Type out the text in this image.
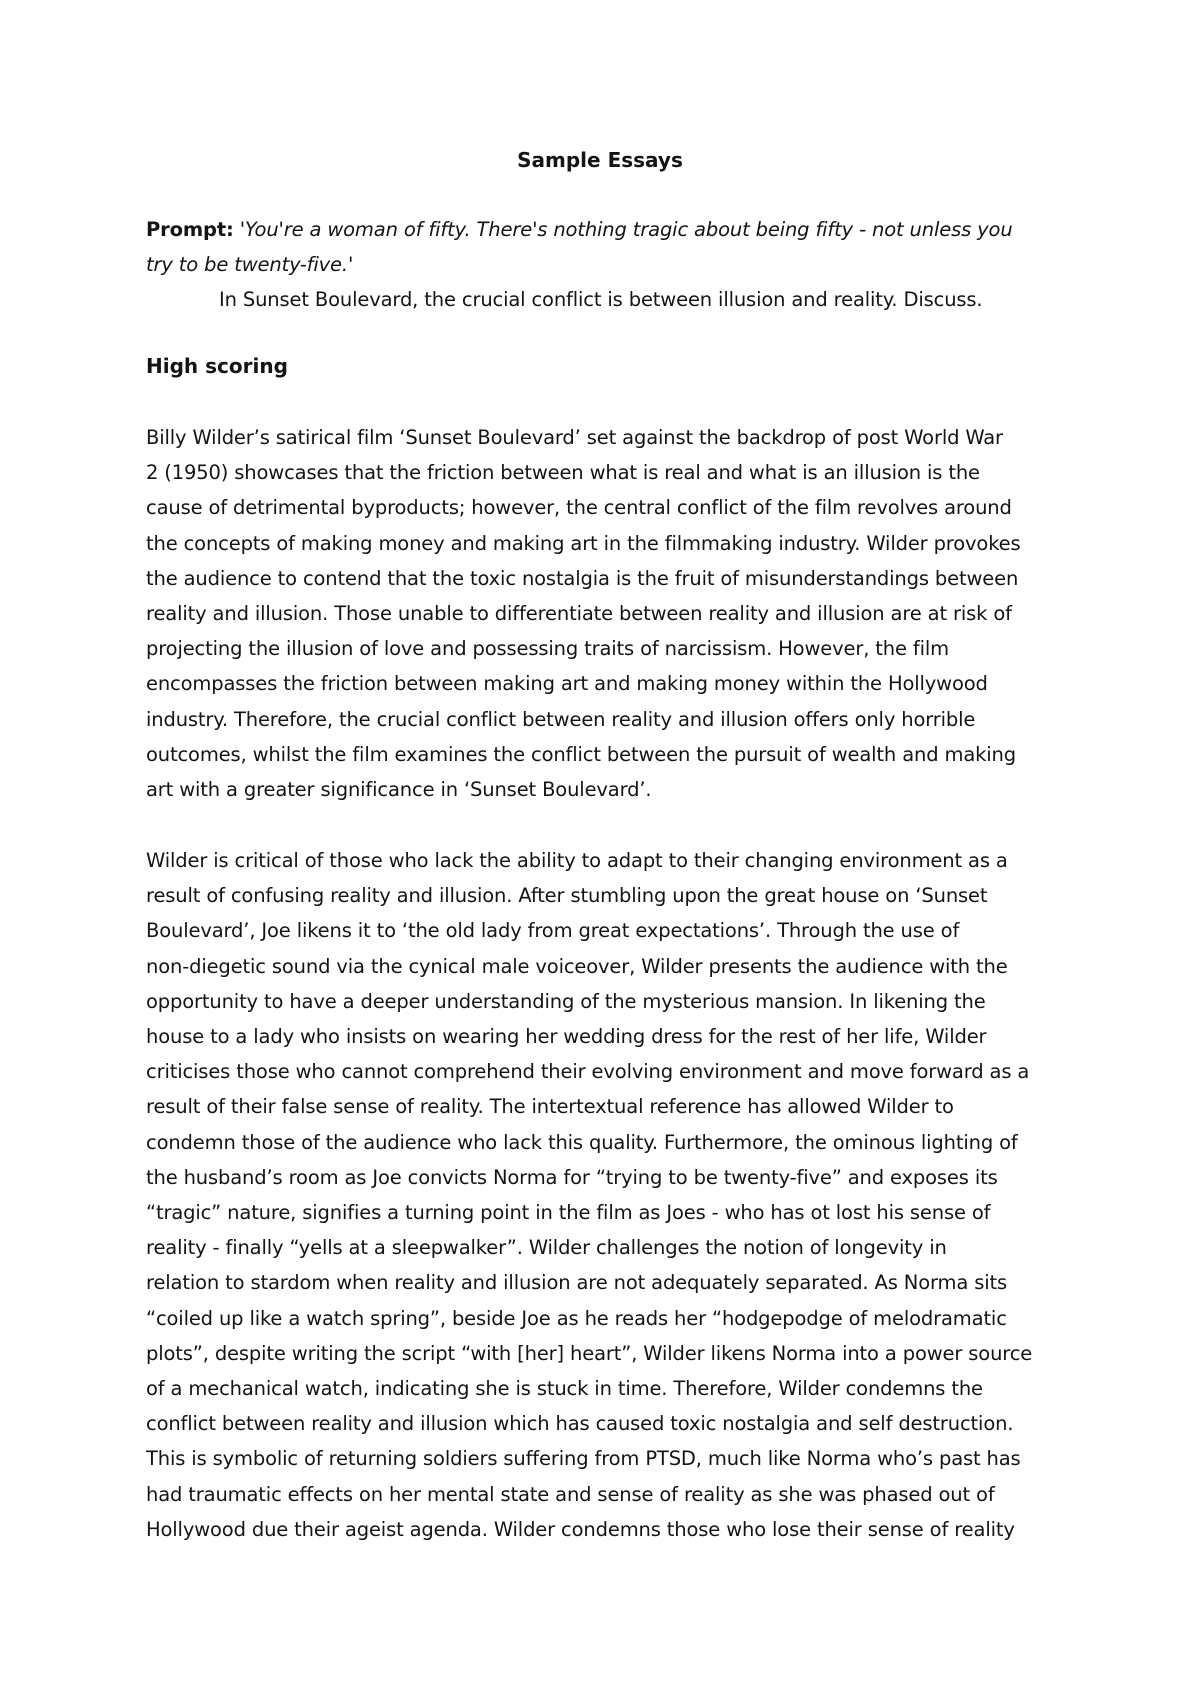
Sample Essays
Prompt: 'You're a woman of fifty. There's nothing tragic about being fifty - not unless you
try to be twenty-five.'
In Sunset Boulevard, the crucial conflict is between illusion and reality. Discuss.
High scoring
Billy Wilder’s satirical film ‘Sunset Boulevard’ set against the backdrop of post World War
2 (1950) showcases that the friction between what is real and what is an illusion is the
cause of detrimental byproducts; however, the central conflict of the film revolves around
the concepts of making money and making art in the filmmaking industry. Wilder provokes
the audience to contend that the toxic nostalgia is the fruit of misunderstandings between
reality and illusion. Those unable to differentiate between reality and illusion are at risk of
projecting the illusion of love and possessing traits of narcissism. However, the film
encompasses the friction between making art and making money within the Hollywood
industry. Therefore, the crucial conflict between reality and illusion offers only horrible
outcomes, whilst the film examines the conflict between the pursuit of wealth and making
art with a greater significance in ‘Sunset Boulevard’.
Wilder is critical of those who lack the ability to adapt to their changing environment as a
result of confusing reality and illusion. After stumbling upon the great house on ‘Sunset
Boulevard’, Joe likens it to ‘the old lady from great expectations’. Through the use of
non-diegetic sound via the cynical male voiceover, Wilder presents the audience with the
opportunity to have a deeper understanding of the mysterious mansion. In likening the
house to a lady who insists on wearing her wedding dress for the rest of her life, Wilder
criticises those who cannot comprehend their evolving environment and move forward as a
result of their false sense of reality. The intertextual reference has allowed Wilder to
condemn those of the audience who lack this quality. Furthermore, the ominous lighting of
the husband’s room as Joe convicts Norma for “trying to be twenty-five” and exposes its
“tragic” nature, signifies a turning point in the film as Joes - who has ot lost his sense of
reality - finally “yells at a sleepwalker”. Wilder challenges the notion of longevity in
relation to stardom when reality and illusion are not adequately separated. As Norma sits
“coiled up like a watch spring”, beside Joe as he reads her “hodgepodge of melodramatic
plots”, despite writing the script “with [her] heart”, Wilder likens Norma into a power source
of a mechanical watch, indicating she is stuck in time. Therefore, Wilder condemns the
conflict between reality and illusion which has caused toxic nostalgia and self destruction.
This is symbolic of returning soldiers suffering from PTSD, much like Norma who’s past has
had traumatic effects on her mental state and sense of reality as she was phased out of
Hollywood due their ageist agenda. Wilder condemns those who lose their sense of reality
